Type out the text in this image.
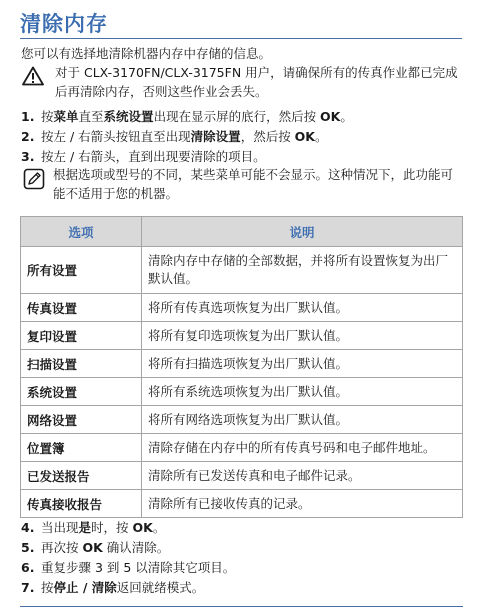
清除内存
您可以有选择地清除机器内存中存储的信息。
对于 CLX-3170FN/CLX-3175FN 用户，请确保所有的传真作业都已完成后再清除内存，否则这些作业会丢失。
1. 按菜单直至系统设置出现在显示屏的底行，然后按 OK。
2. 按左 / 右箭头按钮直至出现清除设置，然后按 OK。
3. 按左 / 右箭头，直到出现要清除的项目。
根据选项或型号的不同，某些菜单可能不会显示。这种情况下，此功能可能不适用于您的机器。
选项	说明
所有设置	清除内存中存储的全部数据，并将所有设置恢复为出厂默认值。
传真设置	将所有传真选项恢复为出厂默认值。
复印设置	将所有复印选项恢复为出厂默认值。
扫描设置	将所有扫描选项恢复为出厂默认值。
系统设置	将所有系统选项恢复为出厂默认值。
网络设置	将所有网络选项恢复为出厂默认值。
位置簿	清除存储在内存中的所有传真号码和电子邮件地址。
已发送报告	清除所有已发送传真和电子邮件记录。
传真接收报告	清除所有已接收传真的记录。
4. 当出现是时，按 OK。
5. 再次按 OK 确认清除。
6. 重复步骤 3 到 5 以清除其它项目。
7. 按停止 / 清除返回就绪模式。
